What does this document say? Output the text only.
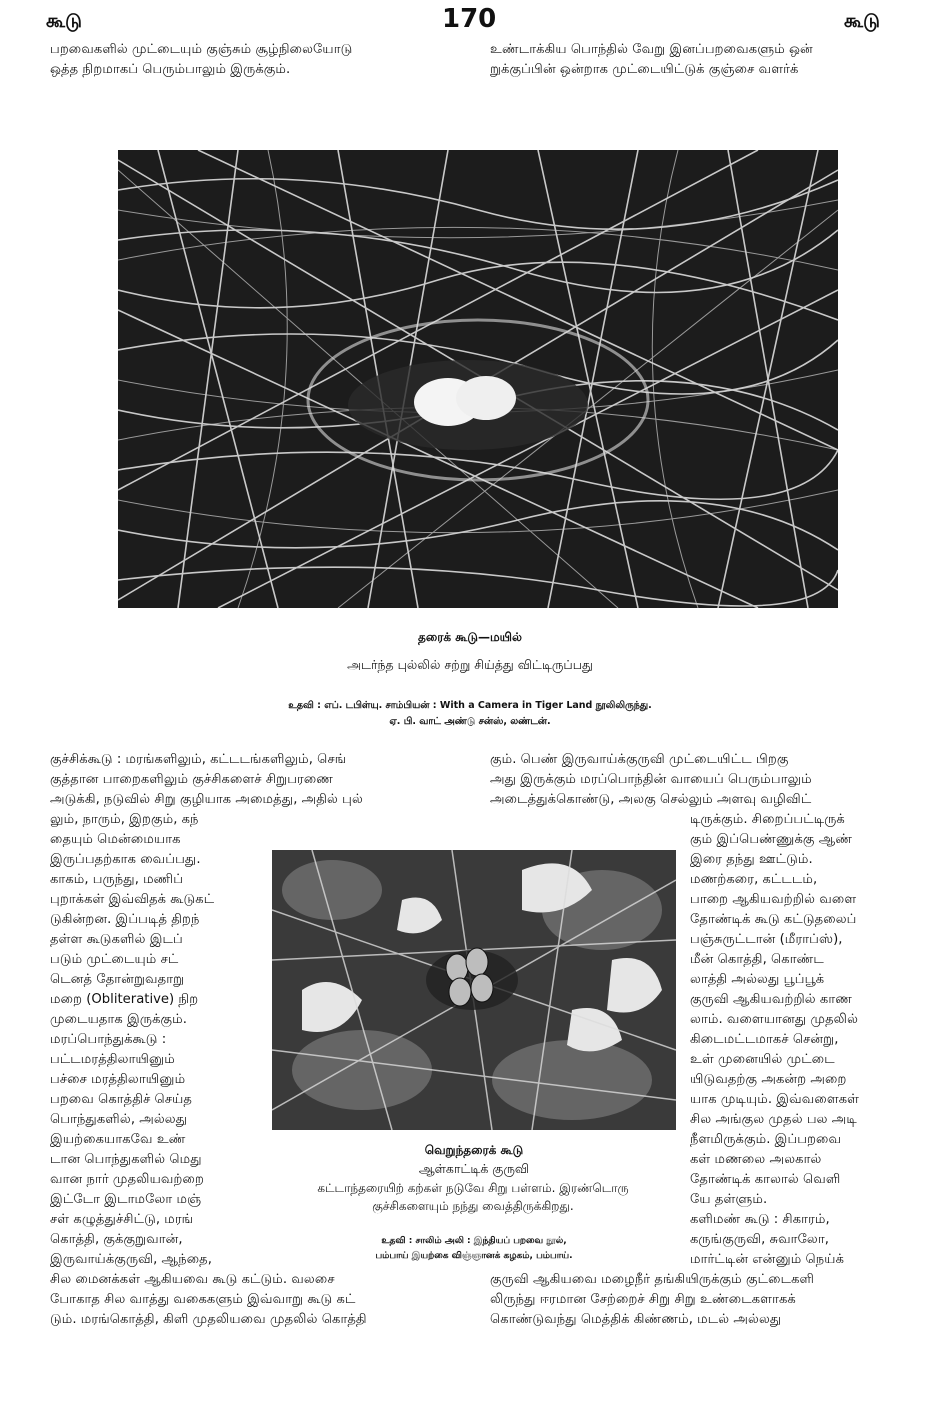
கூடு	170	கூடு
பறவைகளில் முட்டையும் குஞ்சும் சூழ்நிலையோடு
ஒத்த நிறமாகப் பெரும்பாலும் இருக்கும்.
உண்டாக்கிய பொந்தில் வேறு இனப்பறவைகளும் ஒன்
றுக்குப்பின் ஒன்றாக முட்டையிட்டுக் குஞ்சை வளர்க்
தரைக் கூடு—மயில்
அடர்ந்த புல்லில் சற்று சிய்த்து விட்டிருப்பது
உதவி : எப். டபிள்யு. சாம்பியன் : With a Camera in Tiger Land நூலிலிருந்து.
ஏ. பி. வாட் அண்டு சன்ஸ், லண்டன்.
வெறுந்தரைக் கூடு
ஆள்காட்டிக் குருவி
கட்டாந்தரையிற் கற்கள் நடுவே சிறு பள்ளம். இரண்டொரு
குச்சிகளையும் நந்து வைத்திருக்கிறது.
உதவி : சாலிம் அலி : இந்தியப் பறவை நூல்,
பம்பாய் இயற்கை விஞ்ஞானக் கழகம், பம்பாய்.
குச்சிக்கூடு : மரங்களிலும், கட்டடங்களிலும், செங்
குத்தான பாறைகளிலும் குச்சிகளைச் சிறுபரணை
அடுக்கி, நடுவில் சிறு குழியாக அமைத்து, அதில் புல்
லும், நாரும், இறகும், கந்
தையும் மென்மையாக
இருப்பதற்காக வைப்பது.
காகம், பருந்து, மணிப்
புறாக்கள் இவ்விதக் கூடுகட்
டுகின்றன. இப்படித் திறந்
தள்ள கூடுகளில் இடப்
படும் முட்டையும் சட்
டெனத் தோன்றுவதாறு
மறை (Obliterative) நிற
முடையதாக இருக்கும்.
மரப்பொந்துக்கூடு :
பட்டமரத்திலாயினும்
பச்சை மரத்திலாயினும்
பறவை கொத்திச் செய்த
பொந்துகளில், அல்லது
இயற்கையாகவே உண்
டான பொந்துகளில் மெது
வான நார் முதலியவற்றை
இட்டோ இடாமலோ மஞ்
சள் கழுத்துச்சிட்டு, மரங்
கொத்தி, குக்குறுவான்,
இருவாய்க்குருவி, ஆந்தை,
சில மைனக்கள் ஆகியவை கூடு கட்டும். வலசை
போகாத சில வாத்து வகைகளும் இவ்வாறு கூடு கட்
டும். மரங்கொத்தி, கிளி முதலியவை முதலில் கொத்தி
கும். பெண் இருவாய்க்குருவி முட்டையிட்ட பிறகு
அது இருக்கும் மரப்பொந்தின் வாயைப் பெரும்பாலும்
அடைத்துக்கொண்டு, அலகு செல்லும் அளவு வழிவிட்
டிருக்கும். சிறைப்பட்டிருக்
கும் இப்பெண்ணுக்கு ஆண்
இரை தந்து ஊட்டும்.
மணற்கரை, கட்டடம்,
பாறை ஆகியவற்றில் வளை
தோண்டிக் கூடு கட்டுதலைப்
பஞ்சுருட்டான் (மீராப்ஸ்),
மீன் கொத்தி, கொண்ட
லாத்தி அல்லது பூப்பூக்
குருவி ஆகியவற்றில் காண
லாம். வளையானது முதலில்
கிடைமட்டமாகச் சென்று,
உள் முனையில் முட்டை
யிடுவதற்கு அகன்ற அறை
யாக முடியும். இவ்வளைகள்
சில அங்குல முதல் பல அடி
நீளமிருக்கும். இப்பறவை
கள் மணலை அலகால்
தோண்டிக் காலால் வெளி
யே தள்ளும்.
களிமண் கூடு : சிகாரம்,
கருங்குருவி, சுவாலோ,
மார்ட்டின் என்னும் நெய்க்
குருவி ஆகியவை மழைநீர் தங்கியிருக்கும் குட்டைகளி
லிருந்து ஈரமான சேற்றைச் சிறு சிறு உண்டைகளாகக்
கொண்டுவந்து மெத்திக் கிண்ணம், மடல் அல்லது
